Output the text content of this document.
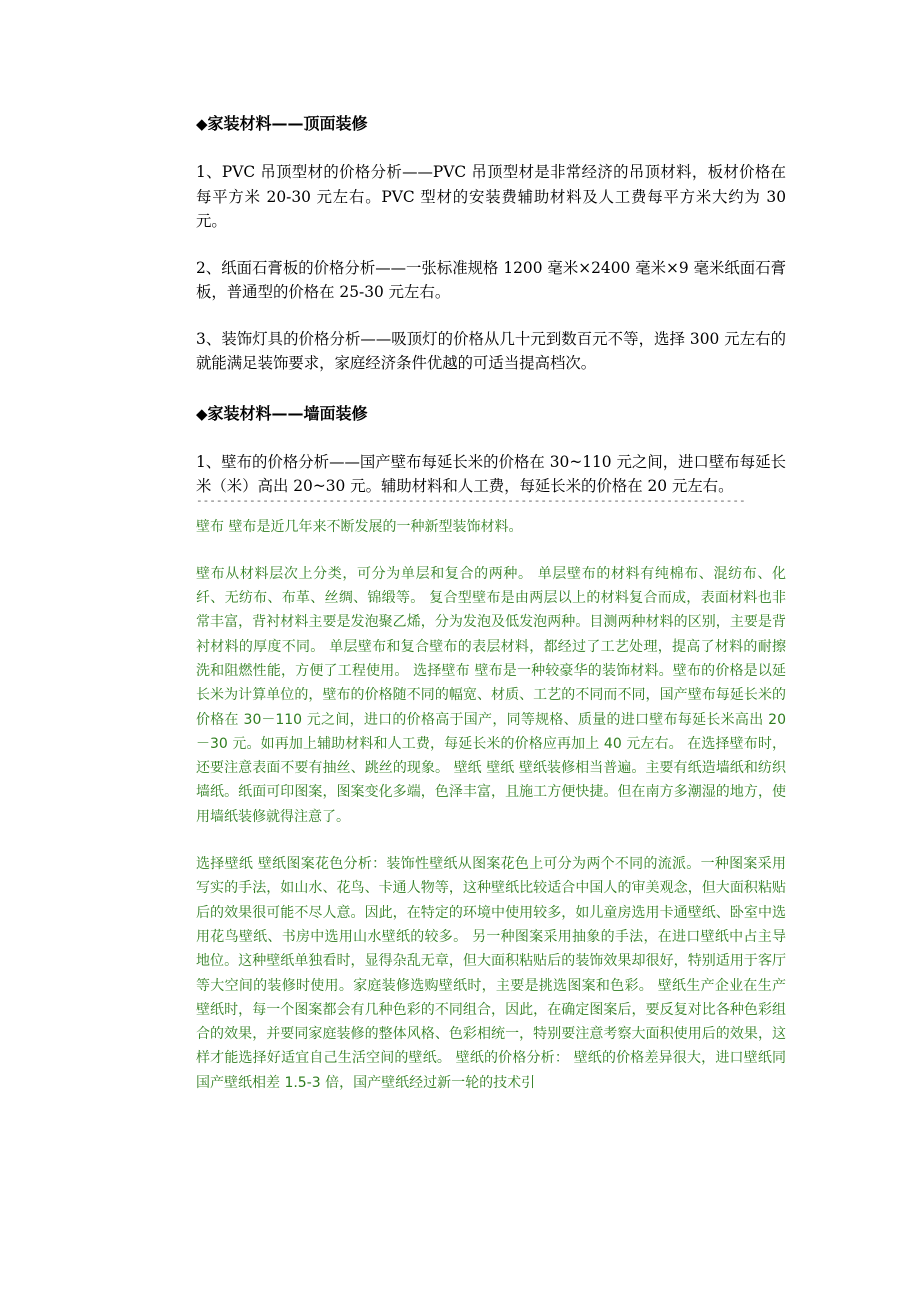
◆家装材料——顶面装修

1、PVC 吊顶型材的价格分析——PVC 吊顶型材是非常经济的吊顶材料，板材价格在每平方米 20-30 元左右。PVC 型材的安装费辅助材料及人工费每平方米大约为 30 元。

2、纸面石膏板的价格分析——一张标准规格 1200 毫米×2400 毫米×9 毫米纸面石膏板，普通型的价格在 25-30 元左右。

3、装饰灯具的价格分析——吸顶灯的价格从几十元到数百元不等，选择 300 元左右的就能满足装饰要求，家庭经济条件优越的可适当提高档次。

◆家装材料——墙面装修

1、壁布的价格分析——国产壁布每延长米的价格在 30~110 元之间，进口壁布每延长米（米）高出 20~30 元。辅助材料和人工费，每延长米的价格在 20 元左右。

-----------------------------------------------------------------------------------

壁布 壁布是近几年来不断发展的一种新型装饰材料。

壁布从材料层次上分类，可分为单层和复合的两种。 单层壁布的材料有纯棉布、混纺布、化纤、无纺布、布革、丝绸、锦缎等。 复合型壁布是由两层以上的材料复合而成，表面材料也非常丰富，背衬材料主要是发泡聚乙烯，分为发泡及低发泡两种。目测两种材料的区别，主要是背衬材料的厚度不同。 单层壁布和复合壁布的表层材料，都经过了工艺处理，提高了材料的耐擦洗和阻燃性能，方便了工程使用。 选择壁布 壁布是一种较豪华的装饰材料。壁布的价格是以延长米为计算单位的，壁布的价格随不同的幅宽、材质、工艺的不同而不同，国产壁布每延长米的价格在 30－110 元之间，进口的价格高于国产，同等规格、质量的进口壁布每延长米高出 20－30 元。如再加上辅助材料和人工费，每延长米的价格应再加上 40 元左右。 在选择壁布时，还要注意表面不要有抽丝、跳丝的现象。 壁纸 壁纸 壁纸装修相当普遍。主要有纸造墙纸和纺织墙纸。纸面可印图案，图案变化多端，色泽丰富，且施工方便快捷。但在南方多潮湿的地方，使用墙纸装修就得注意了。

选择壁纸 壁纸图案花色分析：装饰性壁纸从图案花色上可分为两个不同的流派。一种图案采用写实的手法，如山水、花鸟、卡通人物等，这种壁纸比较适合中国人的审美观念，但大面积粘贴后的效果很可能不尽人意。因此，在特定的环境中使用较多，如儿童房选用卡通壁纸、卧室中选用花鸟壁纸、书房中选用山水壁纸的较多。 另一种图案采用抽象的手法，在进口壁纸中占主导地位。这种壁纸单独看时，显得杂乱无章，但大面积粘贴后的装饰效果却很好，特别适用于客厅等大空间的装修时使用。家庭装修选购壁纸时，主要是挑选图案和色彩。 壁纸生产企业在生产壁纸时，每一个图案都会有几种色彩的不同组合，因此，在确定图案后，要反复对比各种色彩组合的效果，并要同家庭装修的整体风格、色彩相统一，特别要注意考察大面积使用后的效果，这样才能选择好适宜自己生活空间的壁纸。 壁纸的价格分析： 壁纸的价格差异很大，进口壁纸同国产壁纸相差 1.5-3 倍，国产壁纸经过新一轮的技术引
